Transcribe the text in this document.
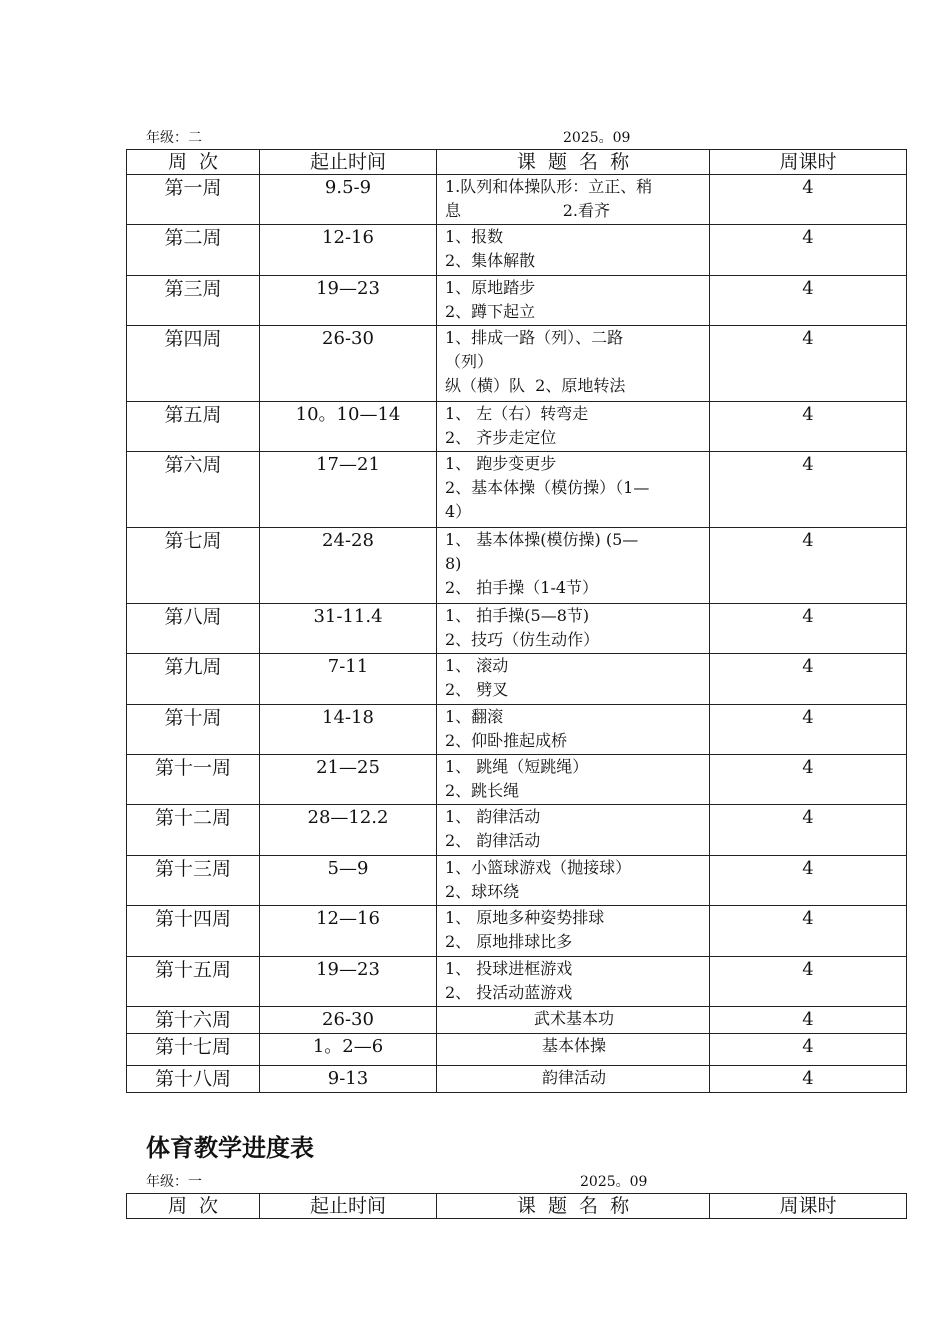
年级：二	2025。09
周  次	起止时间	课  题  名  称	周课时
第一周	9.5-9	1.队列和体操队形：立正、稍
息                    2.看齐	4
第二周	12-16	1、报数
2、集体解散	4
第三周	19—23	1、原地踏步
2、蹲下起立	4
第四周	26-30	1、排成一路（列）、二路
（列）
纵（横）队  2、原地转法	4
第五周	10。10—14	1、 左（右）转弯走
2、 齐步走定位	4
第六周	17—21	1、 跑步变更步
2、基本体操（模仿操）（1—
4）	4
第七周	24-28	1、 基本体操(模仿操) (5—
8)
2、 拍手操（1-4节）	4
第八周	31-11.4	1、 拍手操(5—8节)
2、技巧（仿生动作）	4
第九周	7-11	1、 滚动
2、 劈叉	4
第十周	14-18	1、翻滚
2、仰卧推起成桥	4
第十一周	21—25	1、 跳绳（短跳绳）
2、跳长绳	4
第十二周	28—12.2	1、 韵律活动
2、 韵律活动	4
第十三周	5—9	1、小篮球游戏（抛接球）
2、球环绕	4
第十四周	12—16	1、 原地多种姿势排球
2、 原地排球比多	4
第十五周	19—23	1、 投球进框游戏
2、 投活动蓝游戏	4
第十六周	26-30	武术基本功	4
第十七周	1。2—6	基本体操	4
第十八周	9-13	韵律活动	4
体育教学进度表
年级：一	2025。09
周  次	起止时间	课  题  名  称	周课时
